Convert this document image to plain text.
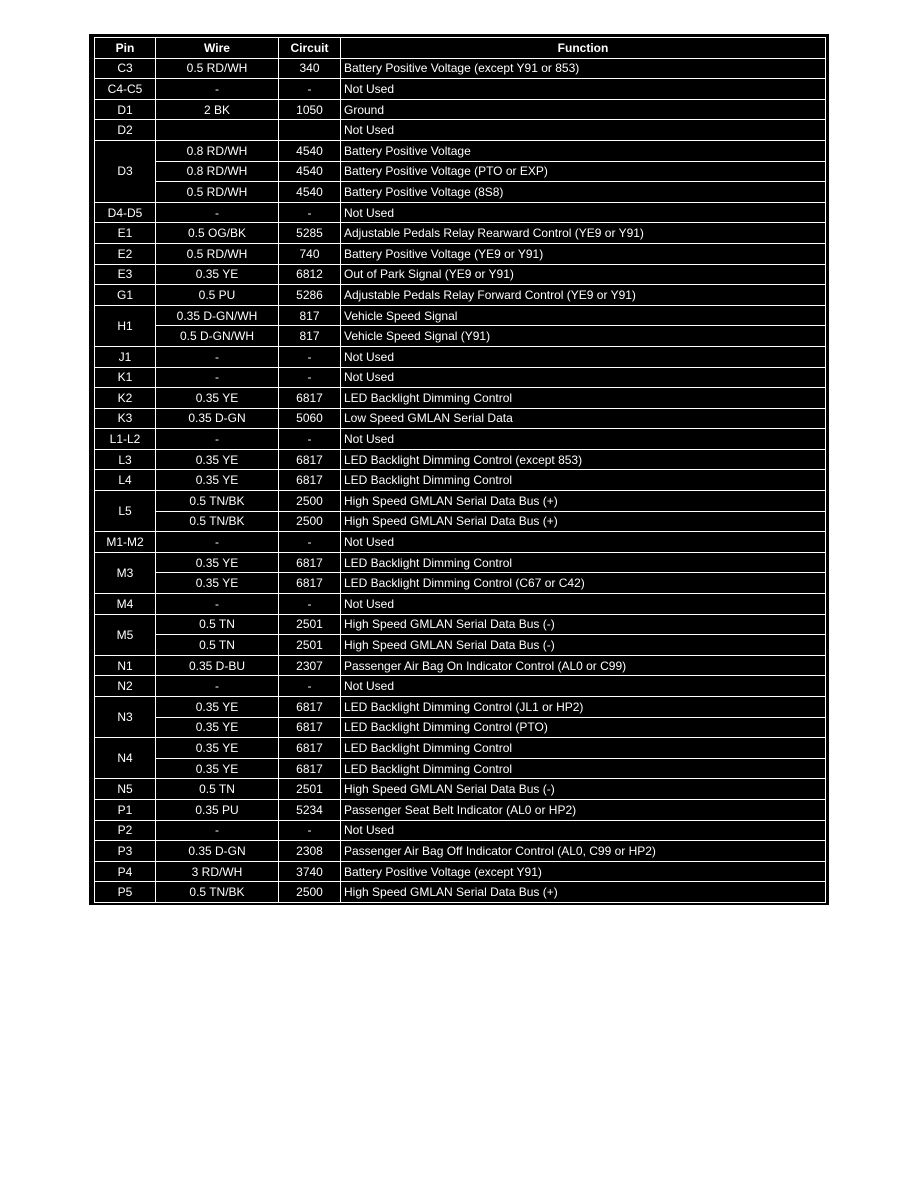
Pin	Wire	Circuit	Function
C3	0.5 RD/WH	340	Battery Positive Voltage (except Y91 or 853)
C4-C5	-	-	Not Used
D1	2 BK	1050	Ground
D2			Not Used
D3	0.8 RD/WH	4540	Battery Positive Voltage
	0.8 RD/WH	4540	Battery Positive Voltage (PTO or EXP)
	0.5 RD/WH	4540	Battery Positive Voltage (8S8)
D4-D5	-	-	Not Used
E1	0.5 OG/BK	5285	Adjustable Pedals Relay Rearward Control (YE9 or Y91)
E2	0.5 RD/WH	740	Battery Positive Voltage (YE9 or Y91)
E3	0.35 YE	6812	Out of Park Signal (YE9 or Y91)
G1	0.5 PU	5286	Adjustable Pedals Relay Forward Control (YE9 or Y91)
H1	0.35 D-GN/WH	817	Vehicle Speed Signal
	0.5 D-GN/WH	817	Vehicle Speed Signal (Y91)
J1	-	-	Not Used
K1	-	-	Not Used
K2	0.35 YE	6817	LED Backlight Dimming Control
K3	0.35 D-GN	5060	Low Speed GMLAN Serial Data
L1-L2	-	-	Not Used
L3	0.35 YE	6817	LED Backlight Dimming Control (except 853)
L4	0.35 YE	6817	LED Backlight Dimming Control
L5	0.5 TN/BK	2500	High Speed GMLAN Serial Data Bus (+)
	0.5 TN/BK	2500	High Speed GMLAN Serial Data Bus (+)
M1-M2	-	-	Not Used
M3	0.35 YE	6817	LED Backlight Dimming Control
	0.35 YE	6817	LED Backlight Dimming Control (C67 or C42)
M4	-	-	Not Used
M5	0.5 TN	2501	High Speed GMLAN Serial Data Bus (-)
	0.5 TN	2501	High Speed GMLAN Serial Data Bus (-)
N1	0.35 D-BU	2307	Passenger Air Bag On Indicator Control (AL0 or C99)
N2	-	-	Not Used
N3	0.35 YE	6817	LED Backlight Dimming Control (JL1 or HP2)
	0.35 YE	6817	LED Backlight Dimming Control (PTO)
N4	0.35 YE	6817	LED Backlight Dimming Control
	0.35 YE	6817	LED Backlight Dimming Control
N5	0.5 TN	2501	High Speed GMLAN Serial Data Bus (-)
P1	0.35 PU	5234	Passenger Seat Belt Indicator (AL0 or HP2)
P2	-	-	Not Used
P3	0.35 D-GN	2308	Passenger Air Bag Off Indicator Control (AL0, C99 or HP2)
P4	3 RD/WH	3740	Battery Positive Voltage (except Y91)
P5	0.5 TN/BK	2500	High Speed GMLAN Serial Data Bus (+)
